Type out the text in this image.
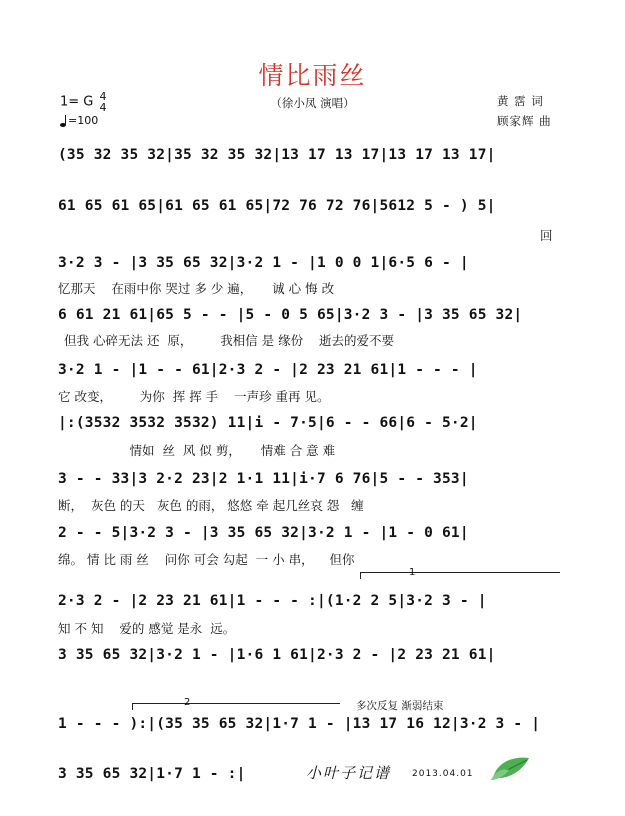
情比雨丝
（徐小凤 演唱）
1= G 4
4
=100
黄 霑 词
顾家辉 曲
(35 32 35 32|35 32 35 32|13 17 13 17|13 17 13 17|
61 65 61 65|61 65 61 65|72 76 72 76|5612 5 - ) 5|
回
3·2 3 - |3 35 65 32|3·2 1 - |1 0 0 1|6·5 6 - |
忆那天    在雨中你 哭过 多 少 遍，     诚 心 悔 改
6 61 21 61|65 5 - - |5 - 0 5 65|3·2 3 - |3 35 65 32|
但我 心碎无法 还  原，       我相信 是 缘份    逝去的爱不要
3·2 1 - |1 - - 61|2·3 2 - |2 23 21 61|1 - - - |
它 改变，       为你  挥 挥 手    一声珍 重再 见。
|:(3532 3532 3532) 11|i - 7·5|6 - - 66|6 - 5·2|
情如  丝  风 似 剪，     情难 合 意 难
3 - - 33|3 2·2 23|2 1·1 11|i·7 6 76|5 - - 353|
断，  灰色 的天   灰色 的雨， 悠悠 牵 起几丝哀 怨   缠
2 - - 5|3·2 3 - |3 35 65 32|3·2 1 - |1 - 0 61|
绵。 情 比 雨 丝    问你 可会 勾起  一 小 串，    但你
1
2·3 2 - |2 23 21 61|1 - - - :|(1·2 2 5|3·2 3 - |
知 不 知    爱的 感觉 是永  远。
3 35 65 32|3·2 1 - |1·6 1 61|2·3 2 - |2 23 21 61|
2	多次反复 渐弱结束
1 - - - ):|(35 35 65 32|1·7 1 - |13 17 16 12|3·2 3 - |
3 35 65 32|1·7 1 - :|	小叶子记谱 2013.04.01
